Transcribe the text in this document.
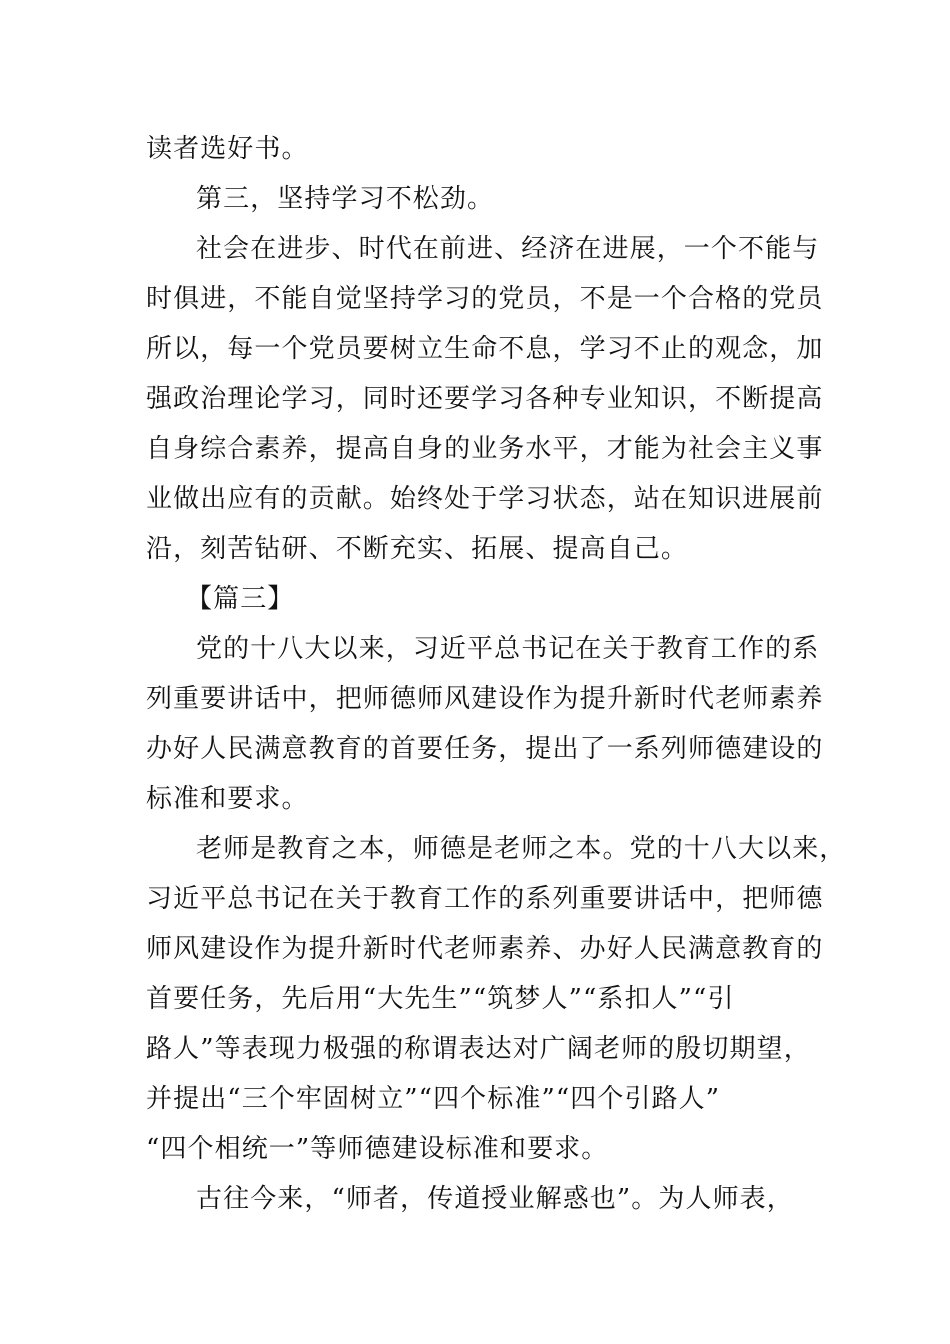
读者选好书。
第三，坚持学习不松劲。
社会在进步、时代在前进、经济在进展，一个不能与
时俱进，不能自觉坚持学习的党员，不是一个合格的党员
所以，每一个党员要树立生命不息，学习不止的观念，加
强政治理论学习，同时还要学习各种专业知识，不断提高
自身综合素养，提高自身的业务水平，才能为社会主义事
业做出应有的贡献。始终处于学习状态，站在知识进展前
沿，刻苦钻研、不断充实、拓展、提高自己。
【篇三】
党的十八大以来，习近平总书记在关于教育工作的系
列重要讲话中，把师德师风建设作为提升新时代老师素养
办好人民满意教育的首要任务，提出了一系列师德建设的
标准和要求。
老师是教育之本，师德是老师之本。党的十八大以来，
习近平总书记在关于教育工作的系列重要讲话中，把师德
师风建设作为提升新时代老师素养、办好人民满意教育的
首要任务，先后用“大先生”“筑梦人”“系扣人”“引
路人”等表现力极强的称谓表达对广阔老师的殷切期望，
并提出“三个牢固树立”“四个标准”“四个引路人”
“四个相统一”等师德建设标准和要求。
古往今来，“师者，传道授业解惑也”。为人师表，
